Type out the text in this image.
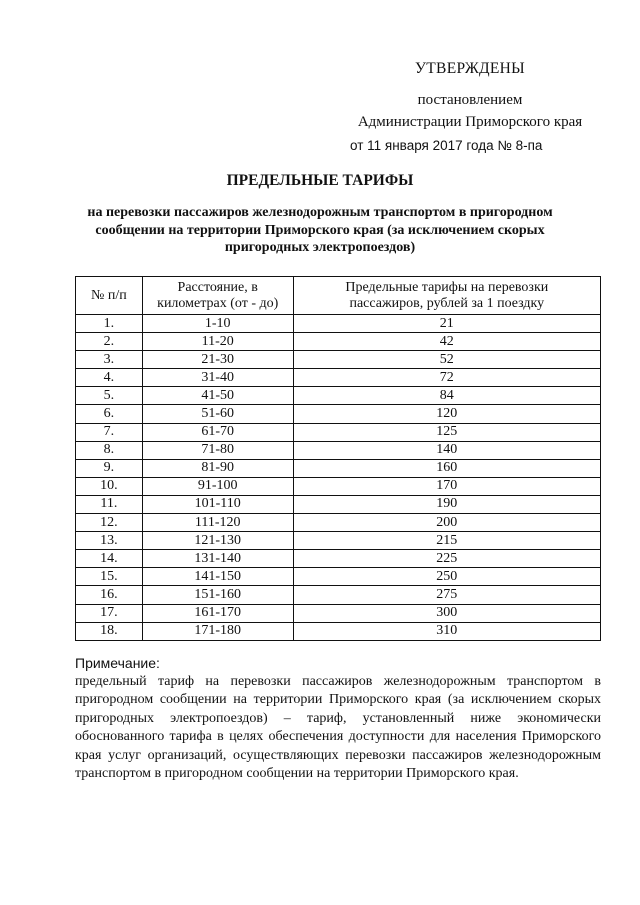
УТВЕРЖДЕНЫ
постановлением
Администрации Приморского края
от 11 января 2017 года № 8-па
ПРЕДЕЛЬНЫЕ ТАРИФЫ
на перевозки пассажиров железнодорожным транспортом в пригородном сообщении на территории Приморского края (за исключением скорых пригородных электропоездов)
№ п/п	Расстояние, в километрах (от - до)	Предельные тарифы на перевозки пассажиров, рублей за 1 поездку
1.	1-10	21
2.	11-20	42
3.	21-30	52
4.	31-40	72
5.	41-50	84
6.	51-60	120
7.	61-70	125
8.	71-80	140
9.	81-90	160
10.	91-100	170
11.	101-110	190
12.	111-120	200
13.	121-130	215
14.	131-140	225
15.	141-150	250
16.	151-160	275
17.	161-170	300
18.	171-180	310
Примечание:
предельный тариф на перевозки пассажиров железнодорожным транспортом в пригородном сообщении на территории Приморского края (за исключением скорых пригородных электропоездов) – тариф, установленный ниже экономически обоснованного тарифа в целях обеспечения доступности для населения Приморского края услуг организаций, осуществляющих перевозки пассажиров железнодорожным транспортом в пригородном сообщении на территории Приморского края.
